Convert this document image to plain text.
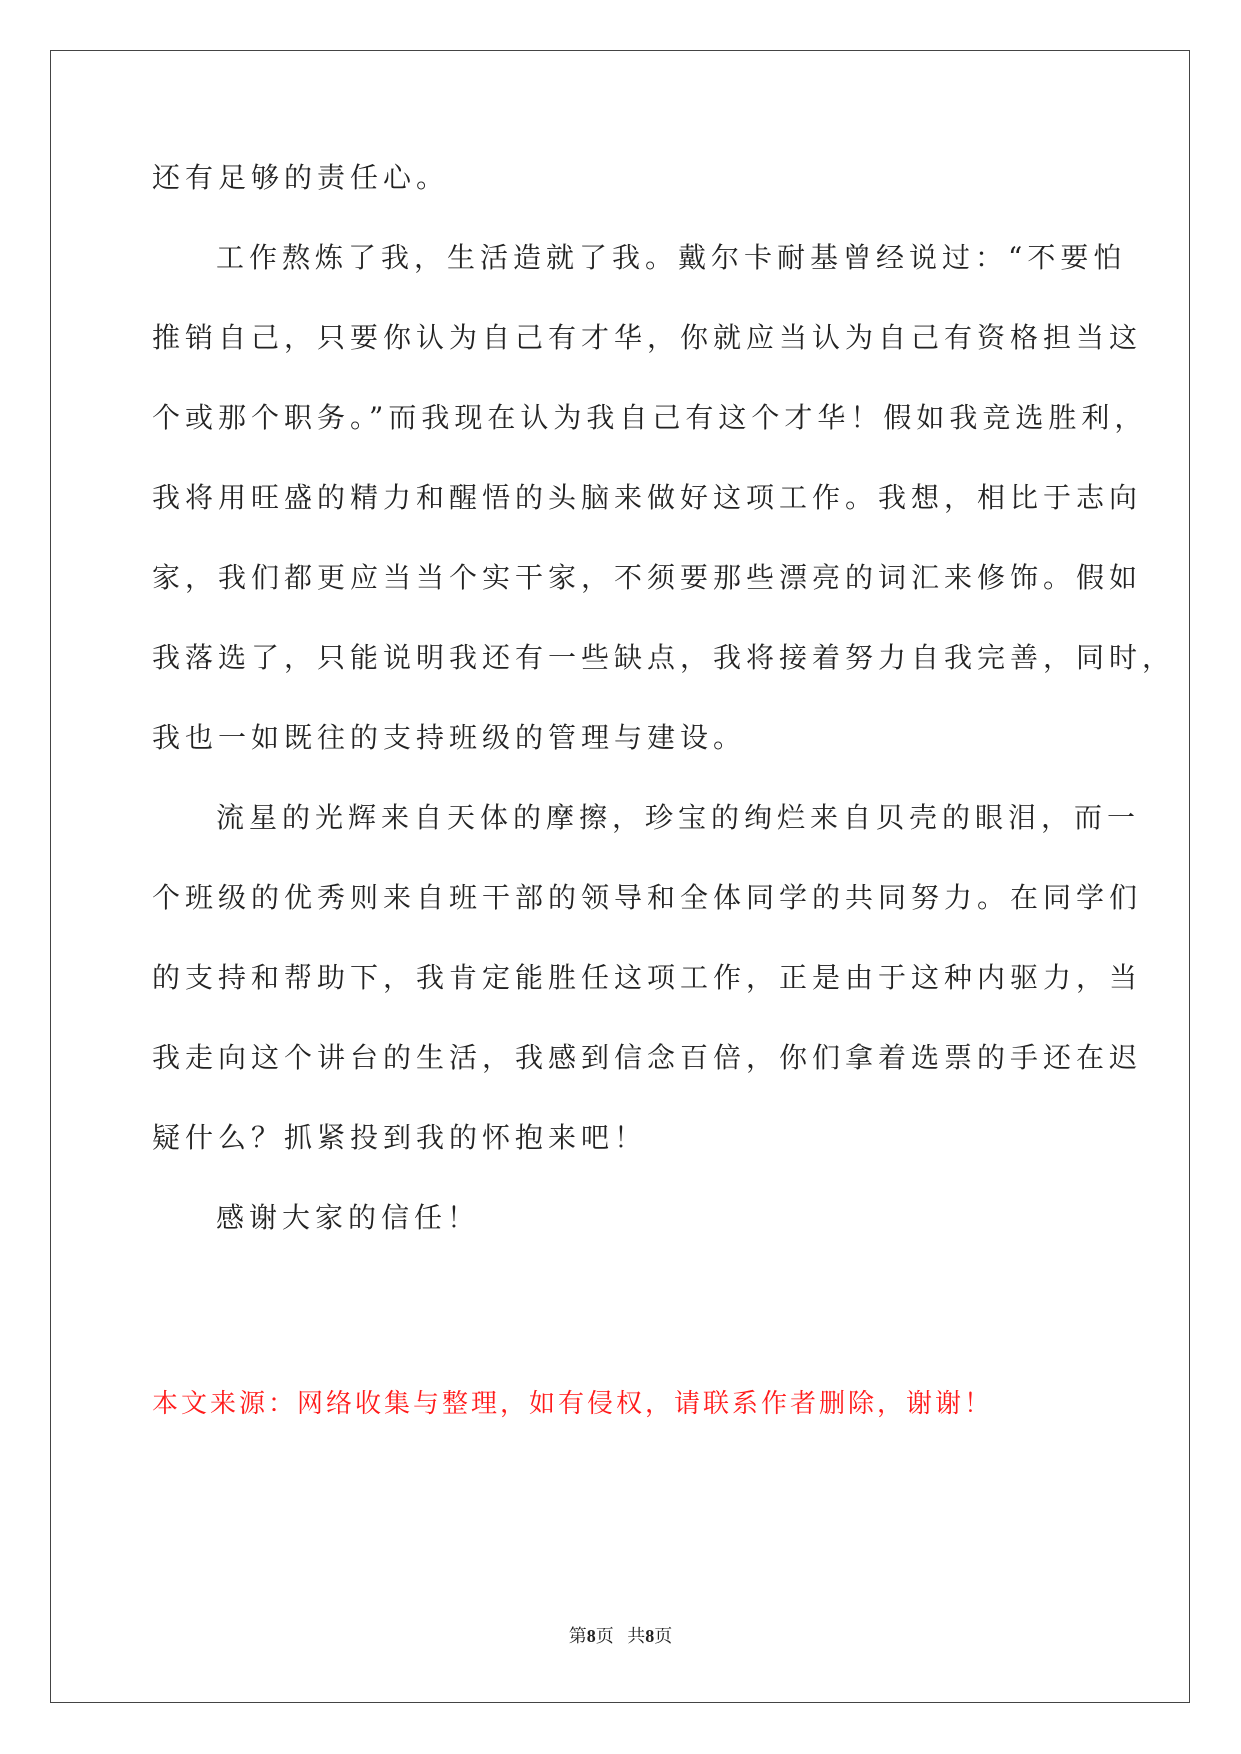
还有足够的责任心。
工作熬炼了我，生活造就了我。戴尔卡耐基曾经说过：“不要怕
推销自己，只要你认为自己有才华，你就应当认为自己有资格担当这
个或那个职务。”而我现在认为我自己有这个才华！假如我竞选胜利，
我将用旺盛的精力和醒悟的头脑来做好这项工作。我想，相比于志向
家，我们都更应当当个实干家，不须要那些漂亮的词汇来修饰。假如
我落选了，只能说明我还有一些缺点，我将接着努力自我完善，同时，
我也一如既往的支持班级的管理与建设。
流星的光辉来自天体的摩擦，珍宝的绚烂来自贝壳的眼泪，而一
个班级的优秀则来自班干部的领导和全体同学的共同努力。在同学们
的支持和帮助下，我肯定能胜任这项工作，正是由于这种内驱力，当
我走向这个讲台的生活，我感到信念百倍，你们拿着选票的手还在迟
疑什么？抓紧投到我的怀抱来吧！
感谢大家的信任！
本文来源：网络收集与整理，如有侵权，请联系作者删除，谢谢！
第8页 共8页
